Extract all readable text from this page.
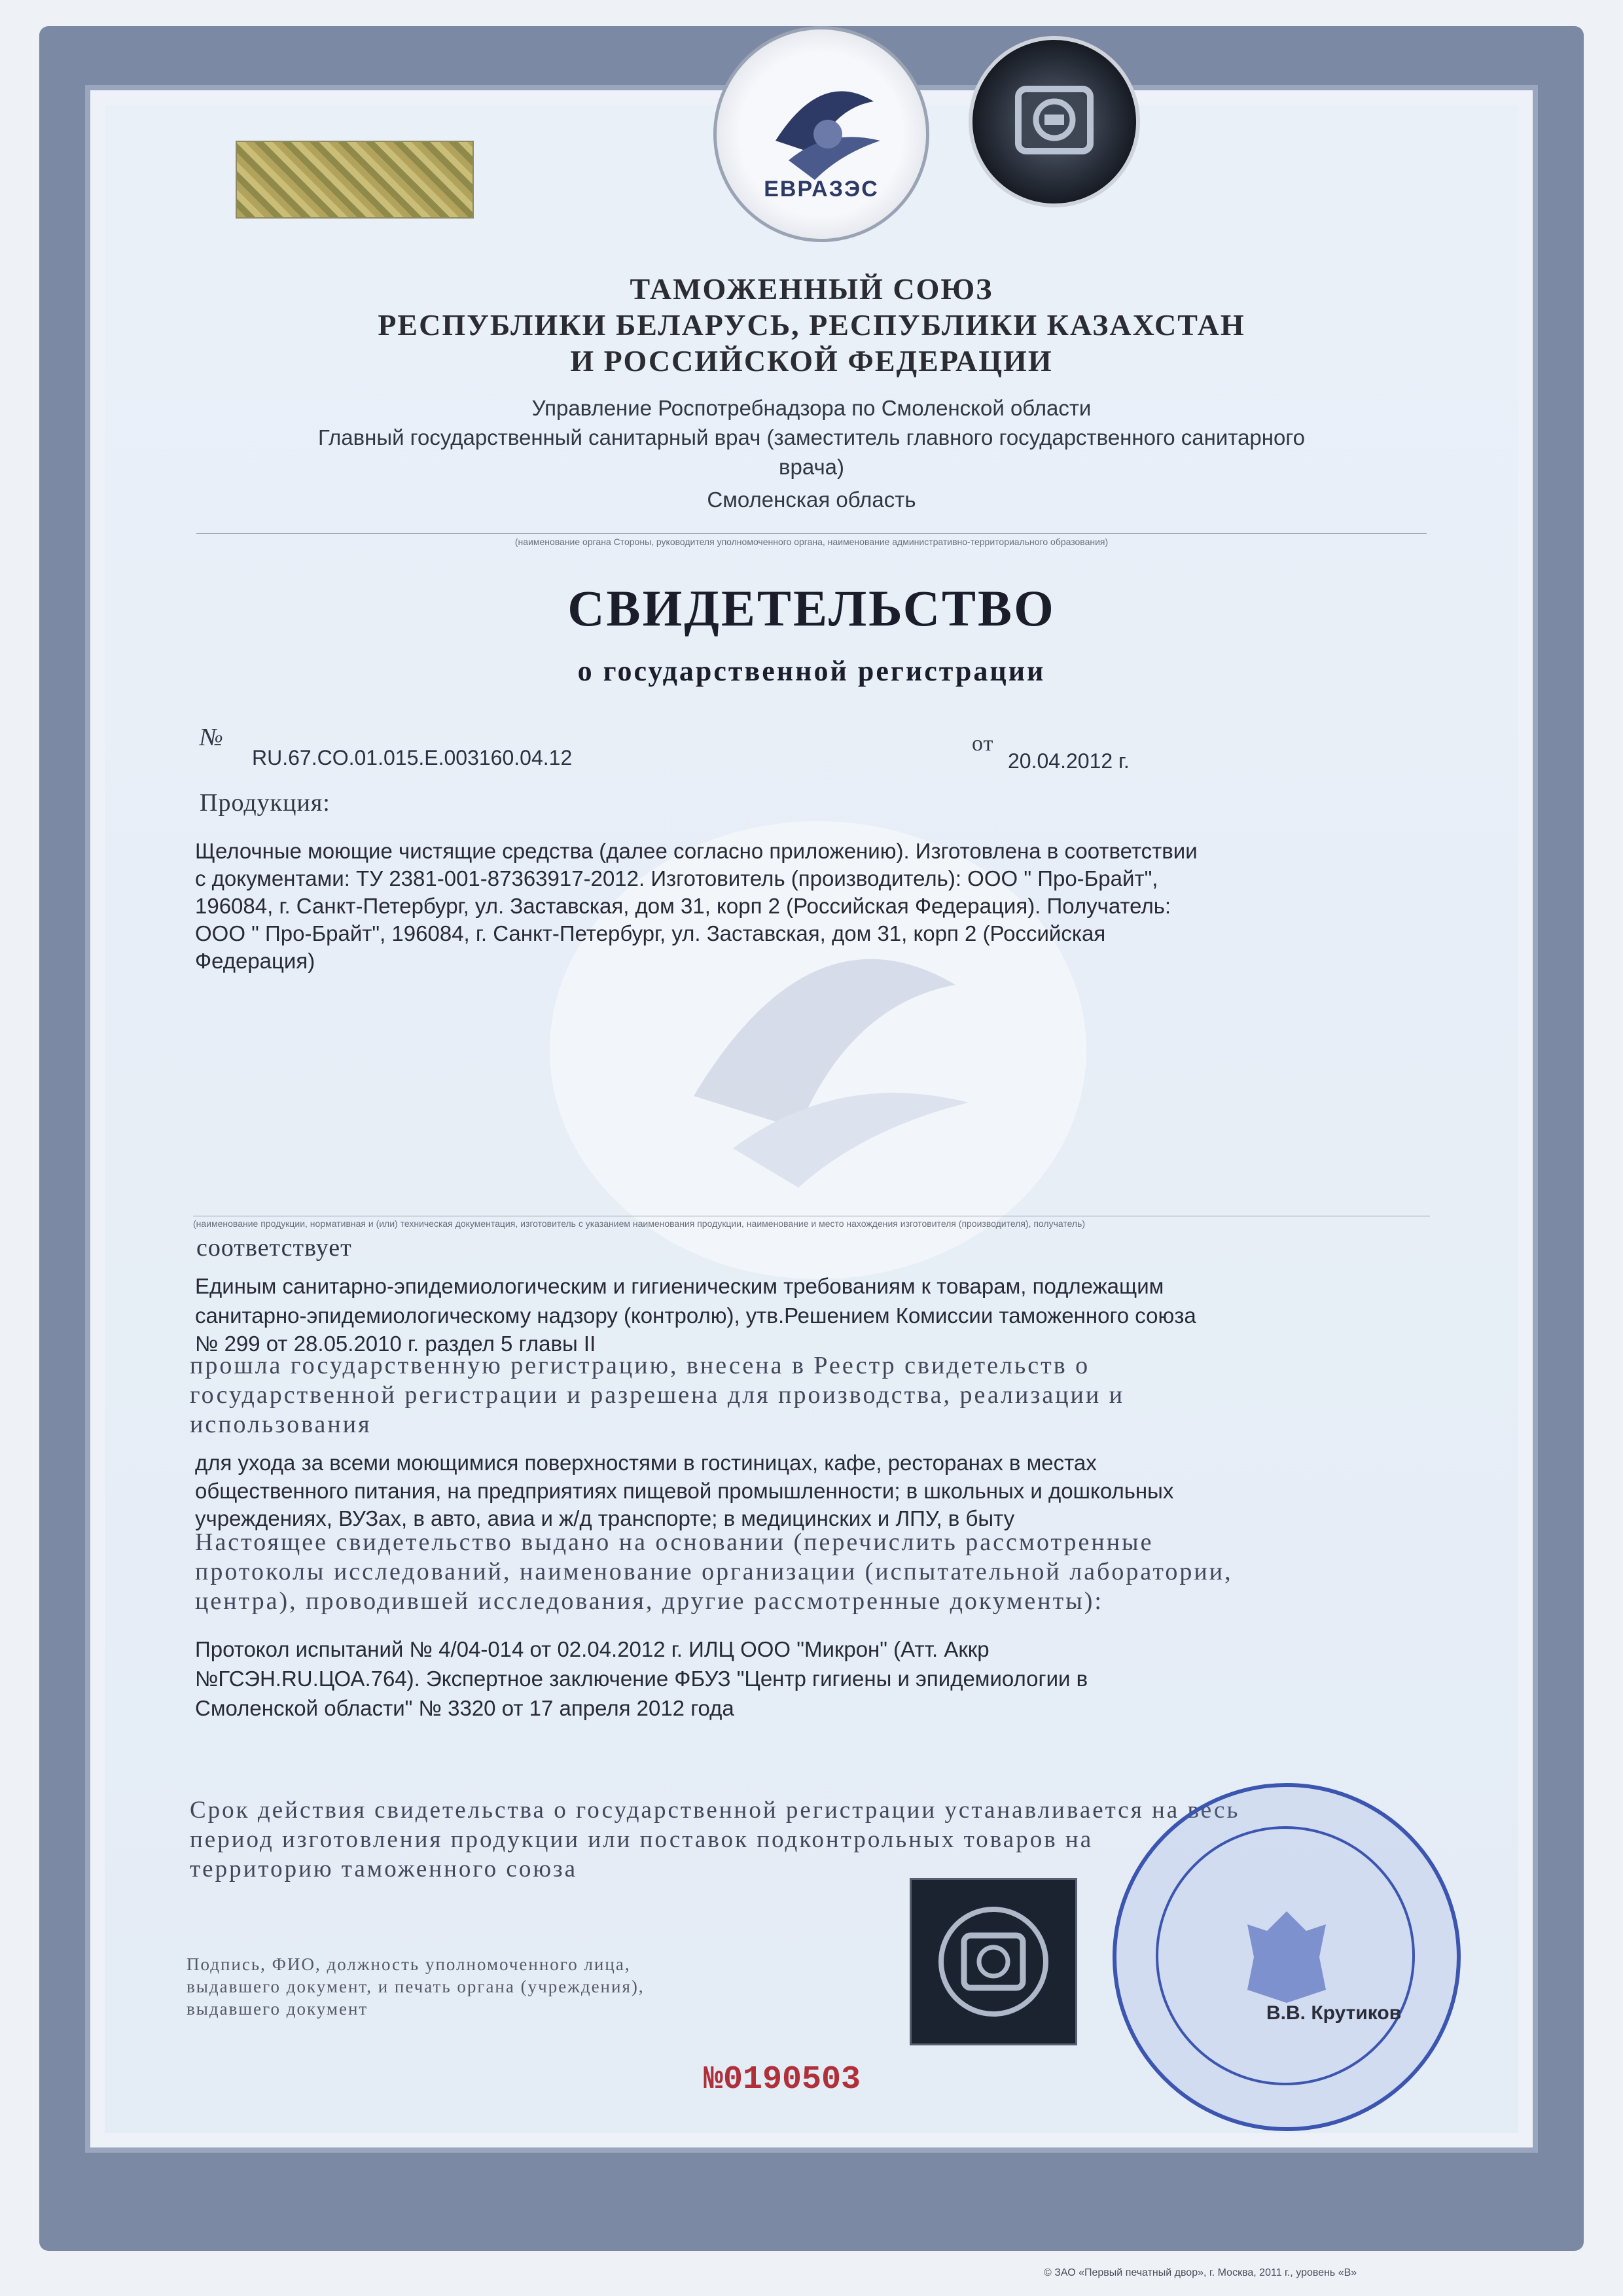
ЕВРАЗЭС
ТАМОЖЕННЫЙ СОЮЗ
РЕСПУБЛИКИ БЕЛАРУСЬ, РЕСПУБЛИКИ КАЗАХСТАН
И РОССИЙСКОЙ ФЕДЕРАЦИИ
Управление Роспотребнадзора по Смоленской области
Главный государственный санитарный врач (заместитель главного государственного санитарного
врача)
Смоленская область
(наименование органа Стороны, руководителя уполномоченного органа, наименование административно-территориального образования)
СВИДЕТЕЛЬСТВО
о государственной регистрации
№
RU.67.CO.01.015.E.003160.04.12
от
20.04.2012 г.
Продукция:
Щелочные моющие чистящие средства (далее согласно приложению). Изготовлена в соответствии
с документами: ТУ 2381-001-87363917-2012. Изготовитель (производитель): ООО " Про-Брайт",
196084, г. Санкт-Петербург, ул. Заставская, дом 31, корп 2 (Российская Федерация). Получатель:
ООО " Про-Брайт", 196084, г. Санкт-Петербург, ул. Заставская, дом 31, корп 2 (Российская
Федерация)
(наименование продукции, нормативная и (или) техническая документация, изготовитель с указанием наименования продукции, наименование и место нахождения изготовителя (производителя), получатель)
соответствует
Единым санитарно-эпидемиологическим и гигиеническим требованиям к товарам, подлежащим
санитарно-эпидемиологическому надзору (контролю), утв.Решением Комиссии таможенного союза
№ 299 от 28.05.2010 г. раздел 5 главы II
прошла государственную регистрацию, внесена в Реестр свидетельств о
государственной регистрации и разрешена для производства, реализации и
использования
для ухода за всеми моющимися поверхностями в гостиницах, кафе, ресторанах в местах
общественного питания, на предприятиях пищевой промышленности; в школьных и дошкольных
учреждениях, ВУЗах, в авто, авиа и ж/д транспорте; в медицинских и ЛПУ, в быту
Настоящее свидетельство выдано на основании (перечислить рассмотренные
протоколы исследований, наименование организации (испытательной лаборатории,
центра), проводившей исследования, другие рассмотренные документы):
Протокол испытаний № 4/04-014 от 02.04.2012 г. ИЛЦ ООО "Микрон" (Атт. Аккр
№ГСЭН.RU.ЦОА.764). Экспертное заключение ФБУЗ "Центр гигиены и эпидемиологии в
Смоленской области" № 3320 от 17 апреля 2012 года
Срок действия свидетельства о государственной регистрации устанавливается на весь
период изготовления продукции или поставок подконтрольных товаров на
территорию таможенного союза
Подпись, ФИО, должность уполномоченного лица,
выдавшего документ, и печать органа (учреждения),
выдавшего документ	В.В. Крутиков
№0190503
© ЗАО «Первый печатный двор», г. Москва, 2011 г., уровень «В»
